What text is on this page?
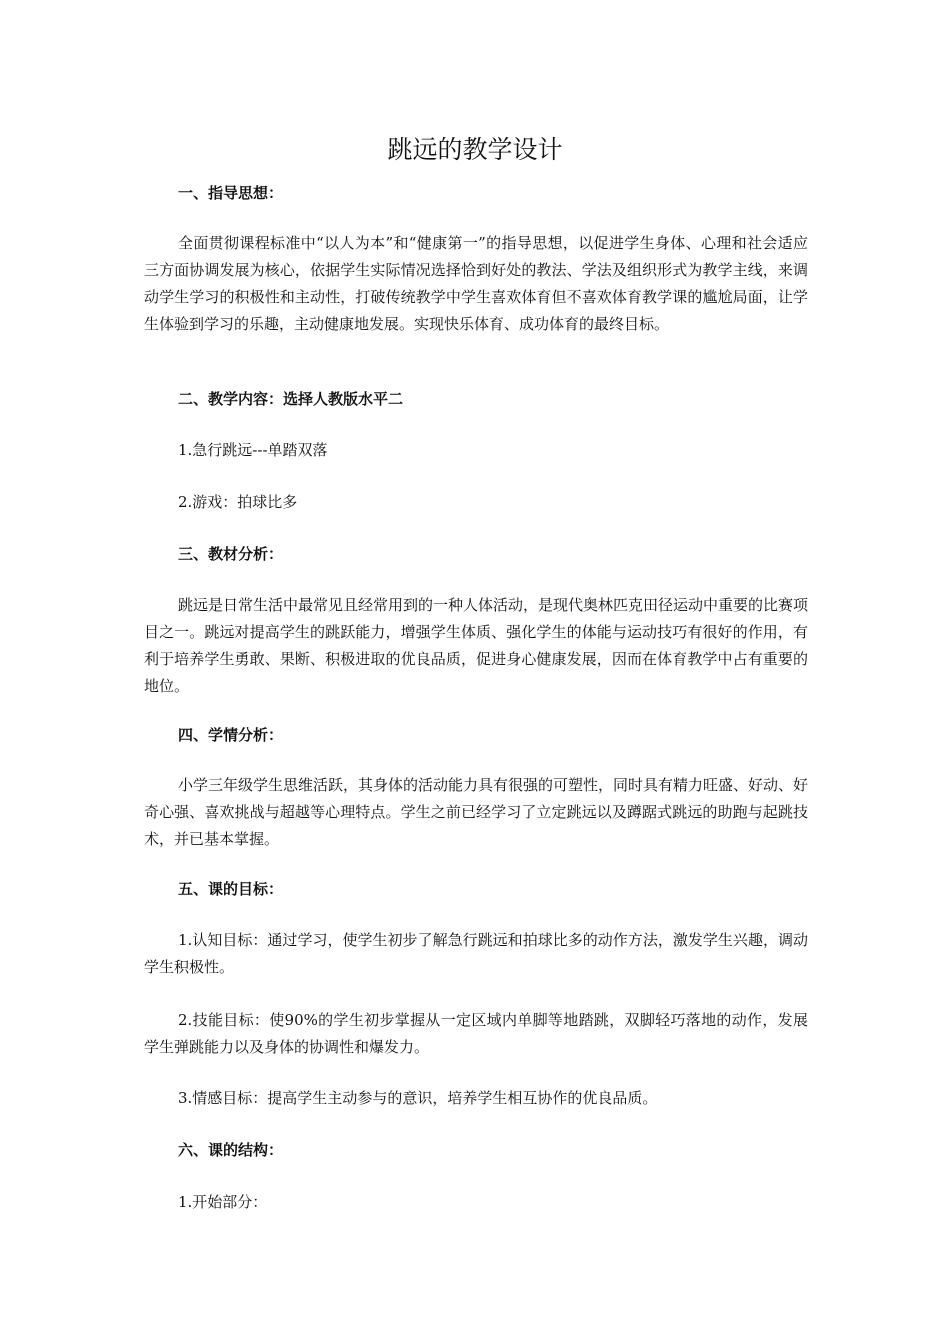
跳远的教学设计
一、指导思想：
全面贯彻课程标准中“以人为本”和“健康第一”的指导思想，以促进学生身体、心理和社会适应三方面协调发展为核心，依据学生实际情况选择恰到好处的教法、学法及组织形式为教学主线，来调动学生学习的积极性和主动性，打破传统教学中学生喜欢体育但不喜欢体育教学课的尴尬局面，让学生体验到学习的乐趣，主动健康地发展。实现快乐体育、成功体育的最终目标。
二、教学内容：选择人教版水平二
1.急行跳远---单踏双落
2.游戏：拍球比多
三、教材分析：
跳远是日常生活中最常见且经常用到的一种人体活动，是现代奥林匹克田径运动中重要的比赛项目之一。跳远对提高学生的跳跃能力，增强学生体质、强化学生的体能与运动技巧有很好的作用，有利于培养学生勇敢、果断、积极进取的优良品质，促进身心健康发展，因而在体育教学中占有重要的地位。
四、学情分析：
小学三年级学生思维活跃，其身体的活动能力具有很强的可塑性，同时具有精力旺盛、好动、好奇心强、喜欢挑战与超越等心理特点。学生之前已经学习了立定跳远以及蹲踞式跳远的助跑与起跳技术，并已基本掌握。
五、课的目标：
1.认知目标：通过学习，使学生初步了解急行跳远和拍球比多的动作方法，激发学生兴趣，调动学生积极性。
2.技能目标：使90%的学生初步掌握从一定区域内单脚等地踏跳，双脚轻巧落地的动作，发展学生弹跳能力以及身体的协调性和爆发力。
3.情感目标：提高学生主动参与的意识，培养学生相互协作的优良品质。
六、课的结构：
1.开始部分：
